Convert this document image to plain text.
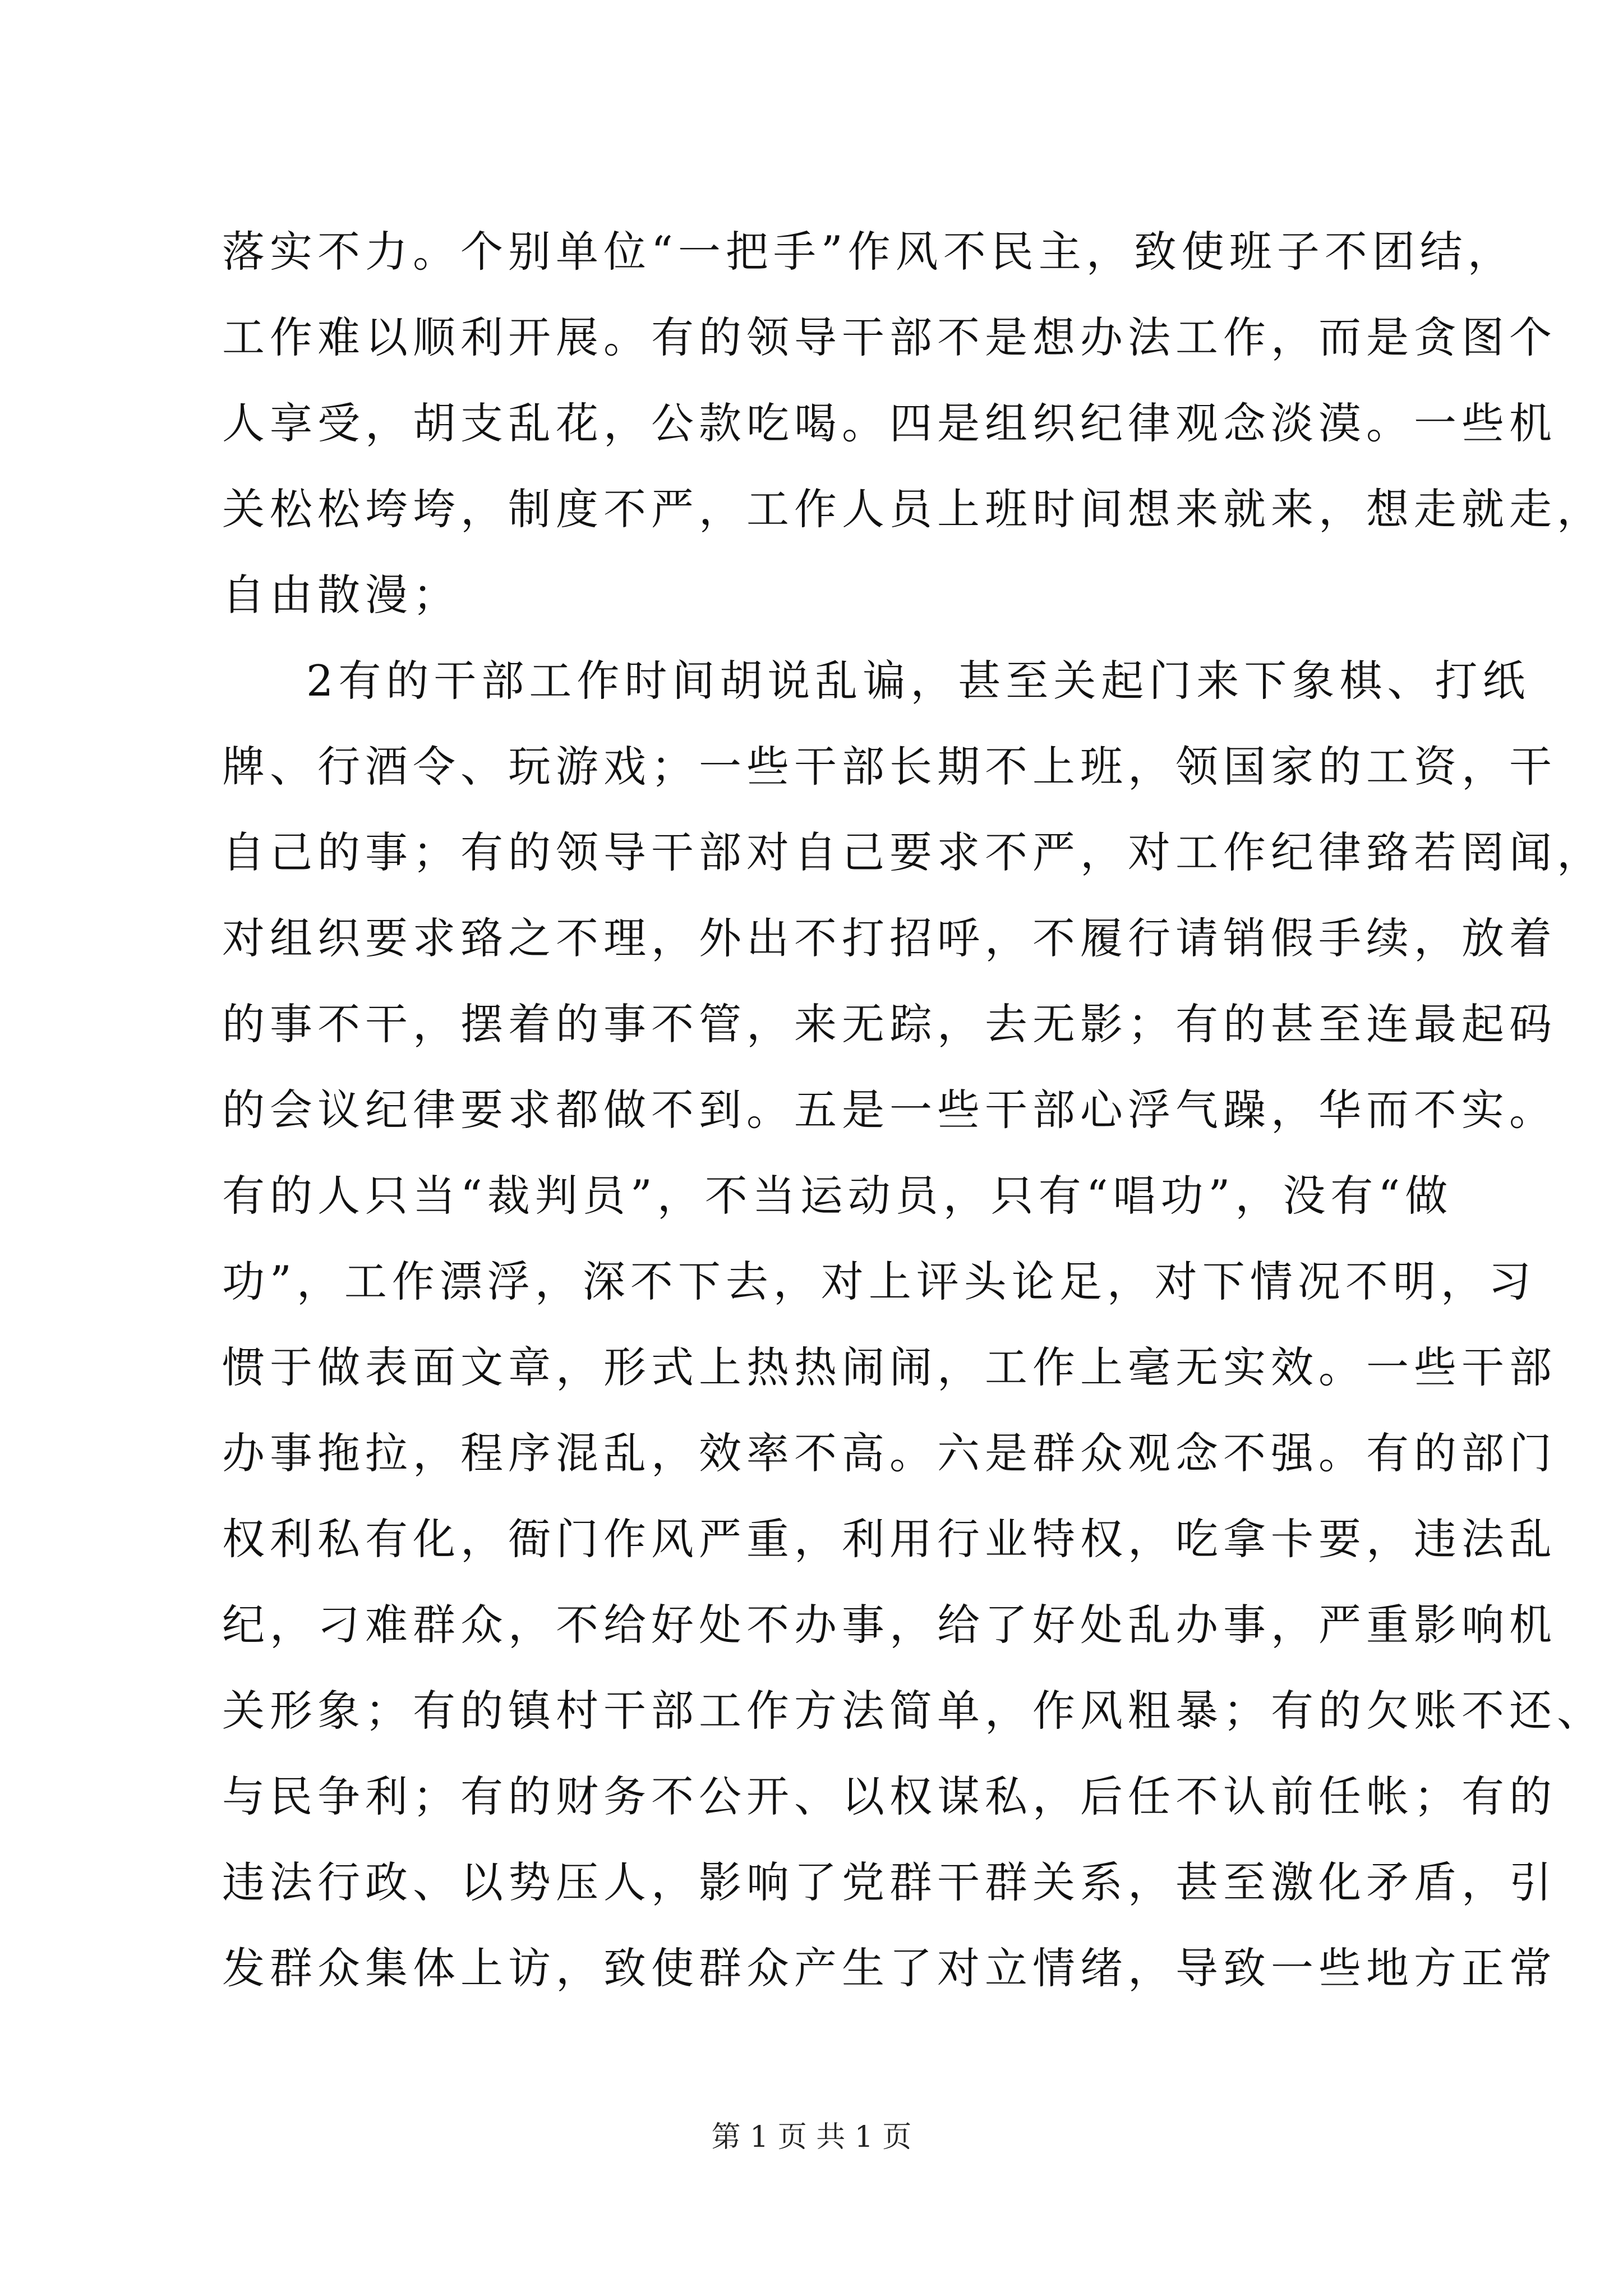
落实不力。个别单位“一把手”作风不民主，致使班子不团结，
工作难以顺利开展。有的领导干部不是想办法工作，而是贪图个
人享受，胡支乱花，公款吃喝。四是组织纪律观念淡漠。一些机
关松松垮垮，制度不严，工作人员上班时间想来就来，想走就走，
自由散漫；
2有的干部工作时间胡说乱谝，甚至关起门来下象棋、打纸
牌、行酒令、玩游戏；一些干部长期不上班，领国家的工资，干
自己的事；有的领导干部对自己要求不严，对工作纪律臵若罔闻，
对组织要求臵之不理，外出不打招呼，不履行请销假手续，放着
的事不干，摆着的事不管，来无踪，去无影；有的甚至连最起码
的会议纪律要求都做不到。五是一些干部心浮气躁，华而不实。
有的人只当“裁判员”，不当运动员，只有“唱功”，没有“做
功”，工作漂浮，深不下去，对上评头论足，对下情况不明，习
惯于做表面文章，形式上热热闹闹，工作上毫无实效。一些干部
办事拖拉，程序混乱，效率不高。六是群众观念不强。有的部门
权利私有化，衙门作风严重，利用行业特权，吃拿卡要，违法乱
纪，刁难群众，不给好处不办事，给了好处乱办事，严重影响机
关形象；有的镇村干部工作方法简单，作风粗暴；有的欠账不还、
与民争利；有的财务不公开、以权谋私，后任不认前任帐；有的
违法行政、以势压人，影响了党群干群关系，甚至激化矛盾，引
发群众集体上访，致使群众产生了对立情绪，导致一些地方正常
第 1 页 共 1 页
